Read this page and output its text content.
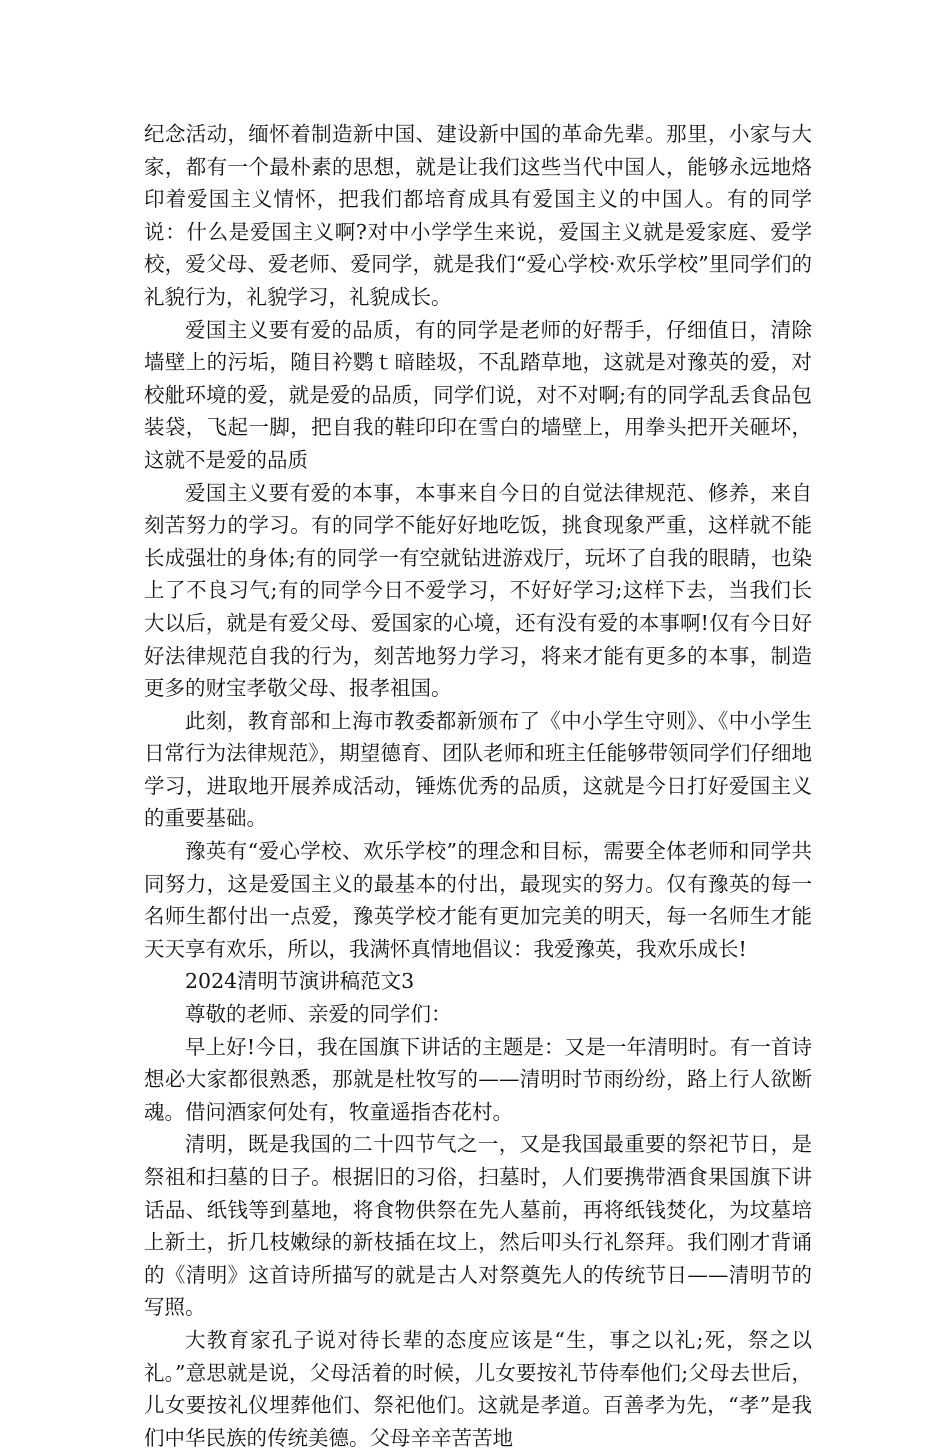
纪念活动，缅怀着制造新中国、建设新中国的革命先辈。那里，小家与大家，都有一个最朴素的思想，就是让我们这些当代中国人，能够永远地烙印着爱国主义情怀，把我们都培育成具有爱国主义的中国人。有的同学说：什么是爱国主义啊?对中小学学生来说，爱国主义就是爱家庭、爱学校，爱父母、爱老师、爱同学，就是我们“爱心学校·欢乐学校”里同学们的礼貌行为，礼貌学习，礼貌成长。

爱国主义要有爱的品质，有的同学是老师的好帮手，仔细值日，清除墙壁上的污垢，随目衿鹦ｔ暗睦圾，不乱踏草地，这就是对豫英的爱，对校舭环境的爱，就是爱的品质，同学们说，对不对啊;有的同学乱丢食品包装袋，飞起一脚，把自我的鞋印印在雪白的墙壁上，用拳头把开关砸坏，这就不是爱的品质

爱国主义要有爱的本事，本事来自今日的自觉法律规范、修养，来自刻苦努力的学习。有的同学不能好好地吃饭，挑食现象严重，这样就不能长成强壮的身体;有的同学一有空就钻进游戏厅，玩坏了自我的眼睛，也染上了不良习气;有的同学今日不爱学习，不好好学习;这样下去，当我们长大以后，就是有爱父母、爱国家的心境，还有没有爱的本事啊!仅有今日好好法律规范自我的行为，刻苦地努力学习，将来才能有更多的本事，制造更多的财宝孝敬父母、报孝祖国。

此刻，教育部和上海市教委都新颁布了《中小学生守则》、《中小学生日常行为法律规范》，期望德育、团队老师和班主任能够带领同学们仔细地学习，进取地开展养成活动，锤炼优秀的品质，这就是今日打好爱国主义的重要基础。

豫英有“爱心学校、欢乐学校”的理念和目标，需要全体老师和同学共同努力，这是爱国主义的最基本的付出，最现实的努力。仅有豫英的每一名师生都付出一点爱，豫英学校才能有更加完美的明天，每一名师生才能天天享有欢乐，所以，我满怀真情地倡议：我爱豫英，我欢乐成长!

2024清明节演讲稿范文3

尊敬的老师、亲爱的同学们：

早上好!今日，我在国旗下讲话的主题是：又是一年清明时。有一首诗想必大家都很熟悉，那就是杜牧写的——清明时节雨纷纷，路上行人欲断魂。借问酒家何处有，牧童遥指杏花村。

清明，既是我国的二十四节气之一，又是我国最重要的祭祀节日，是祭祖和扫墓的日子。根据旧的习俗，扫墓时，人们要携带酒食果国旗下讲话品、纸钱等到墓地，将食物供祭在先人墓前，再将纸钱焚化，为坟墓培上新土，折几枝嫩绿的新枝插在坟上，然后叩头行礼祭拜。我们刚才背诵的《清明》这首诗所描写的就是古人对祭奠先人的传统节日——清明节的写照。

大教育家孔子说对待长辈的态度应该是“生，事之以礼;死，祭之以礼。”意思就是说，父母活着的时候，儿女要按礼节侍奉他们;父母去世后，儿女要按礼仪埋葬他们、祭祀他们。这就是孝道。百善孝为先，“孝”是我们中华民族的传统美德。父母辛辛苦苦地
